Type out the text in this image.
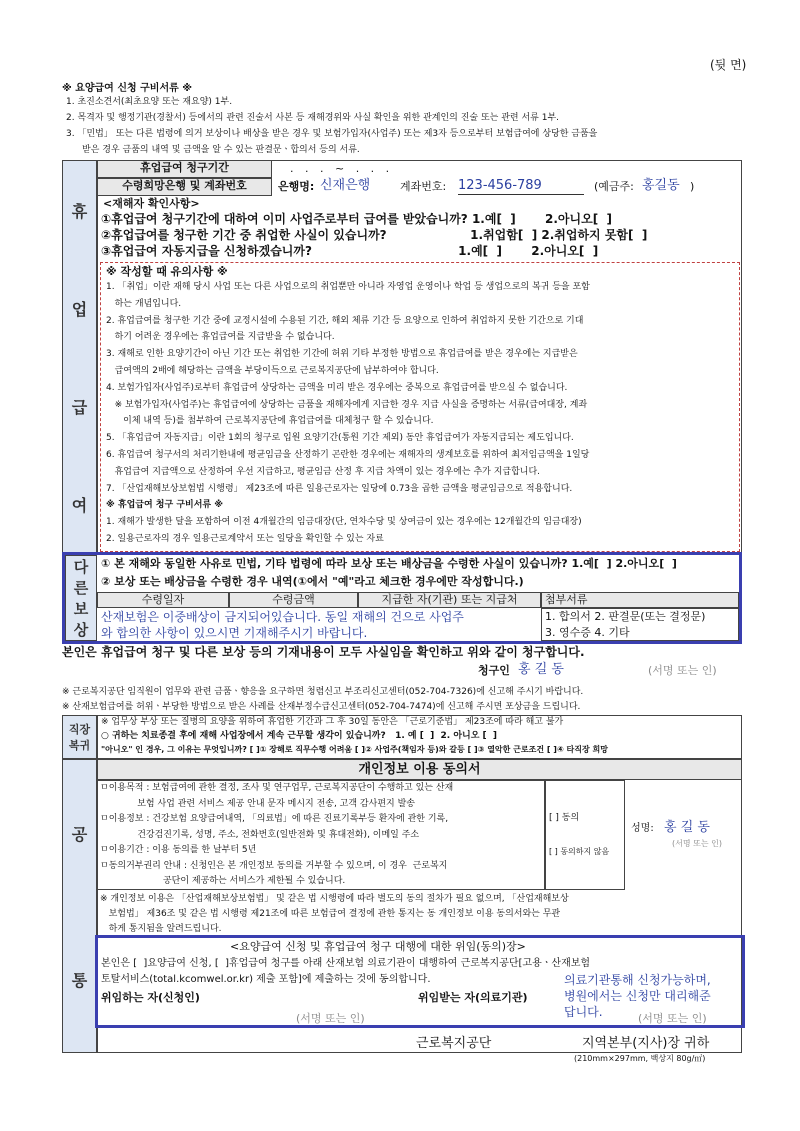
(뒷 면)
※ 요양급여 신청 구비서류 ※
1. 초진소견서(최초요양 또는 재요양) 1부.
2. 목격자 및 행정기관(경찰서) 등에서의 관련 진술서 사본 등 재해경위와 사실 확인을 위한 관계인의 진술 또는 관련 서류 1부.
3. 「민법」 또는 다른 법령에 의거 보상이나 배상을 받은 경우 및 보험가입자(사업주) 또는 제3자 등으로부터 보험급여에 상당한 금품을
받은 경우 금품의 내역 및 금액을 알 수 있는 판결문ㆍ합의서 등의 서류.
휴
업
급
여
휴업급여 청구기간	. . . ~ . . .
수령희망은행 및 계좌번호	은행명: 신재은행	계좌번호: 123-456-789	(예금주: 홍길동 )
<재해자 확인사항>
①휴업급여 청구기간에 대하여 이미 사업주로부터 급여를 받았습니까? 1.예[  ]       2.아니오[  ]
②휴업급여를 청구한 기간 중 취업한 사실이 있습니까?                    1.취업함[  ] 2.취업하지 못함[  ]
③휴업급여 자동지급을 신청하겠습니까?                                   1.예[  ]       2.아니오[  ]
※ 작성할 때 유의사항 ※
1. 「취업」이란 재해 당시 사업 또는 다른 사업으로의 취업뿐만 아니라 자영업 운영이나 학업 등 생업으로의 복귀 등을 포함
하는 개념입니다.
2. 휴업급여를 청구한 기간 중에 교정시설에 수용된 기간, 해외 체류 기간 등 요양으로 인하여 취업하지 못한 기간으로 기대
하기 어려운 경우에는 휴업급여를 지급받을 수 없습니다.
3. 재해로 인한 요양기간이 아닌 기간 또는 취업한 기간에 허위 기타 부정한 방법으로 휴업급여를 받은 경우에는 지급받은
급여액의 2배에 해당하는 금액을 부당이득으로 근로복지공단에 납부하여야 합니다.
4. 보험가입자(사업주)로부터 휴업급여 상당하는 금액을 미리 받은 경우에는 중복으로 휴업급여를 받으실 수 없습니다.
※ 보험가입자(사업주)는 휴업급여에 상당하는 금품을 재해자에게 지급한 경우 지급 사실을 증명하는 서류(급여대장, 계좌
이체 내역 등)를 첨부하여 근로복지공단에 휴업급여를 대체청구 할 수 있습니다.
5. 「휴업급여 자동지급」이란 1회의 청구로 입원 요양기간(통원 기간 제외) 동안 휴업급여가 자동지급되는 제도입니다.
6. 휴업급여 청구서의 처리기한내에 평균임금을 산정하기 곤란한 경우에는 재해자의 생계보호를 위하여 최저임금액을 1일당
휴업급여 지급액으로 산정하여 우선 지급하고, 평균임금 산정 후 지급 차액이 있는 경우에는 추가 지급합니다.
7. 「산업재해보상보험법 시행령」 제23조에 따른 일용근로자는 일당에 0.73을 곱한 금액을 평균임금으로 적용합니다.
※ 휴업급여 청구 구비서류 ※
1. 재해가 발생한 달을 포함하여 이전 4개월간의 임금대장(단, 연차수당 및 상여금이 있는 경우에는 12개월간의 임금대장)
2. 일용근로자의 경우 일용근로계약서 또는 일당을 확인할 수 있는 자료
다
른
보
상
① 본 재해와 동일한 사유로 민법, 기타 법령에 따라 보상 또는 배상금을 수령한 사실이 있습니까? 1.예[  ] 2.아니오[  ]
② 보상 또는 배상금을 수령한 경우 내역(①에서 "예"라고 체크한 경우에만 작성합니다.)
수령일자	수령금액	지급한 자(기관) 또는 지급처	첨부서류
1. 합의서 2. 판결문(또는 결정문)
3. 영수증 4. 기타
산재보험은 이중배상이 금지되어있습니다. 동일 재해의 건으로 사업주
와 합의한 사항이 있으시면 기재해주시기 바랍니다.
본인은 휴업급여 청구 및 다른 보상 등의 기재내용이 모두 사실임을 확인하고 위와 같이 청구합니다.
청구인 홍 길 동	(서명 또는 인)
※ 근로복지공단 임직원이 업무와 관련 금품ㆍ향응을 요구하면 청렴신고 부조리신고센터(052-704-7326)에 신고해 주시기 바랍니다.
※ 산재보험급여를 허위ㆍ부당한 방법으로 받은 사례를 산재부정수급신고센터(052-704-7474)에 신고해 주시면 포상금을 드립니다.
직장
복귀
※ 업무상 부상 또는 질병의 요양을 위하여 휴업한 기간과 그 후 30일 동안은 「근로기준법」 제23조에 따라 해고 불가
○ 귀하는 치료종결 후에 재해 사업장에서 계속 근무할 생각이 있습니까?   1. 예 [  ]  2. 아니오 [  ]
"아니오" 인 경우, 그 이유는 무엇입니까? [ ]① 장해로 직무수행 어려움 [ ]② 사업주(책임자 등)와 갈등 [ ]③ 열악한 근로조건 [ ]④ 타직장 희망
공
통
개인정보 이용 동의서
ㅁ이용목적 : 보험급여에 관한 결정, 조사 및 연구업무, 근로복지공단이 수행하고 있는 산재
보험 사업 관련 서비스 제공 안내 문자 메시지 전송, 고객 감사편지 발송
ㅁ이용정보 : 건강보험 요양급여내역, 「의료법」에 따른 진료기록부등 환자에 관한 기록,
건강검진기록, 성명, 주소, 전화번호(일반전화 및 휴대전화), 이메일 주소
ㅁ이용기간 : 이용 동의를 한 날부터 5년
ㅁ동의거부권리 안내 : 신청인은 본 개인정보 동의를 거부할 수 있으며, 이 경우  근로복지
공단이 제공하는 서비스가 제한될 수 있습니다.
[ ] 동의
[ ] 동의하지 않음
성명: 홍 길 동
(서명 또는 인)
※ 개인정보 이용은 「산업재해보상보험법」 및 같은 법 시행령에 따라 별도의 동의 절차가 필요 없으며, 「산업재해보상
보험법」 제36조 및 같은 법 시행령 제21조에 따른 보험급여 결정에 관한 통지는 동 개인정보 이용 동의서와는 무관
하게 통지됨을 알려드립니다.
<요양급여 신청 및 휴업급여 청구 대행에 대한 위임(동의)장>
본인은 [  ]요양급여 신청, [  ]휴업급여 청구를 아래 산재보험 의료기관이 대행하여 근로복지공단[고용ㆍ산재보험
토탈서비스(total.kcomwel.or.kr) 제출 포함]에 제출하는 것에 동의합니다.
위임하는 자(신청인)	위임받는 자(의료기관)
의료기관통해 신청가능하며,
병원에서는 신청만 대리해준
답니다.
(서명 또는 인)	(서명 또는 인)
근로복지공단	지역본부(지사)장 귀하
(210mm×297mm, 백상지 80g/㎡)
